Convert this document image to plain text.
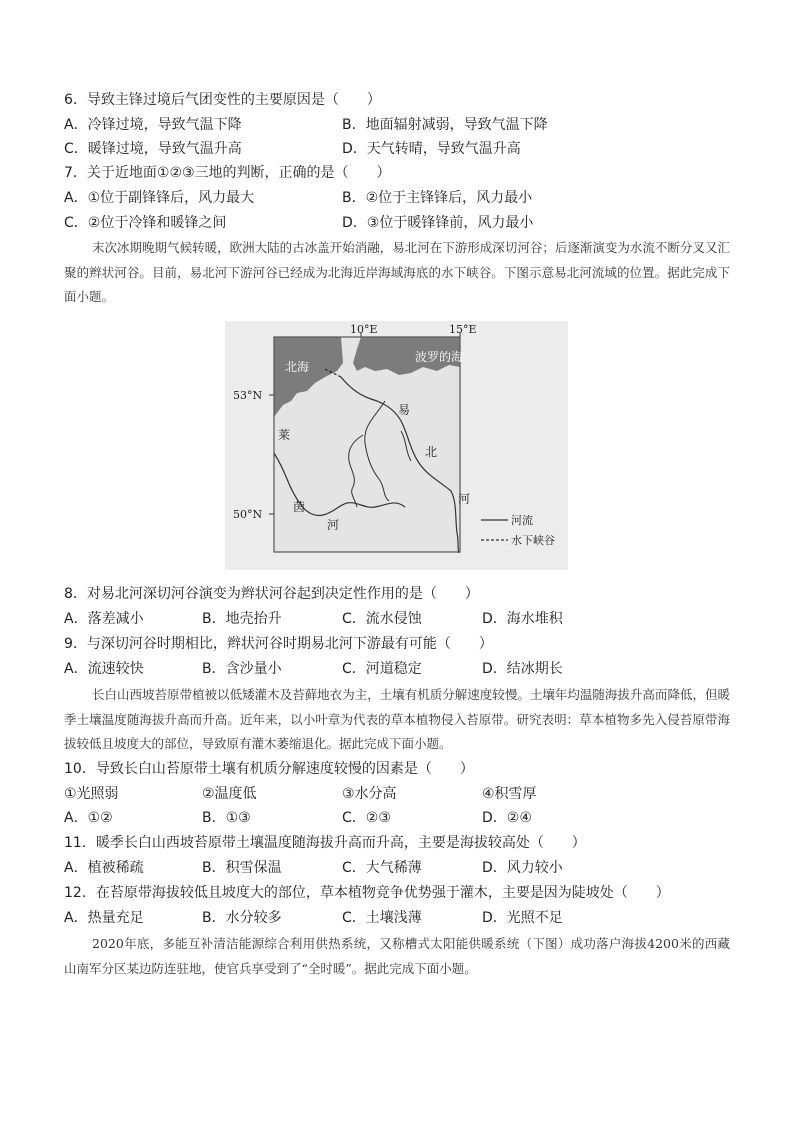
6．导致主锋过境后气团变性的主要原因是（　　）
A．冷锋过境，导致气温下降	B．地面辐射减弱，导致气温下降
C．暖锋过境，导致气温升高	D．天气转晴，导致气温升高
7．关于近地面①②③三地的判断，正确的是（　　）
A．①位于副锋锋后，风力最大	B．②位于主锋锋后，风力最小
C．②位于冷锋和暖锋之间	D．③位于暖锋锋前，风力最小
末次冰期晚期气候转暖，欧洲大陆的古冰盖开始消融，易北河在下游形成深切河谷；后逐渐演变为水流不断分叉又汇聚的辫状河谷。目前，易北河下游河谷已经成为北海近岸海域海底的水下峡谷。下图示意易北河流域的位置。据此完成下面小题。
10°E	15°E
53°N
50°N
北海
波罗的海
易
北
河
莱
茵
河	河流
水下峡谷
8．对易北河深切河谷演变为辫状河谷起到决定性作用的是（　　）
A．落差减小	B．地壳抬升	C．流水侵蚀	D．海水堆积
9．与深切河谷时期相比，辫状河谷时期易北河下游最有可能（　　）
A．流速较快	B．含沙量小	C．河道稳定	D．结冰期长
长白山西坡苔原带植被以低矮灌木及苔藓地衣为主，土壤有机质分解速度较慢。土壤年均温随海拔升高而降低，但暖季土壤温度随海拔升高而升高。近年来，以小叶章为代表的草本植物侵入苔原带。研究表明：草本植物多先入侵苔原带海拔较低且坡度大的部位，导致原有灌木萎缩退化。据此完成下面小题。
10．导致长白山苔原带土壤有机质分解速度较慢的因素是（　　）
①光照弱	②温度低	③水分高	④积雪厚
A．①②	B．①③	C．②③	D．②④
11．暖季长白山西坡苔原带土壤温度随海拔升高而升高，主要是海拔较高处（　　）
A．植被稀疏	B．积雪保温	C．大气稀薄	D．风力较小
12．在苔原带海拔较低且坡度大的部位，草本植物竞争优势强于灌木，主要是因为陡坡处（　　）
A．热量充足	B．水分较多	C．土壤浅薄	D．光照不足
2020年底，多能互补清洁能源综合利用供热系统，又称槽式太阳能供暖系统（下图）成功落户海拔4200米的西藏山南军分区某边防连驻地，使官兵享受到了“全时暖”。据此完成下面小题。
